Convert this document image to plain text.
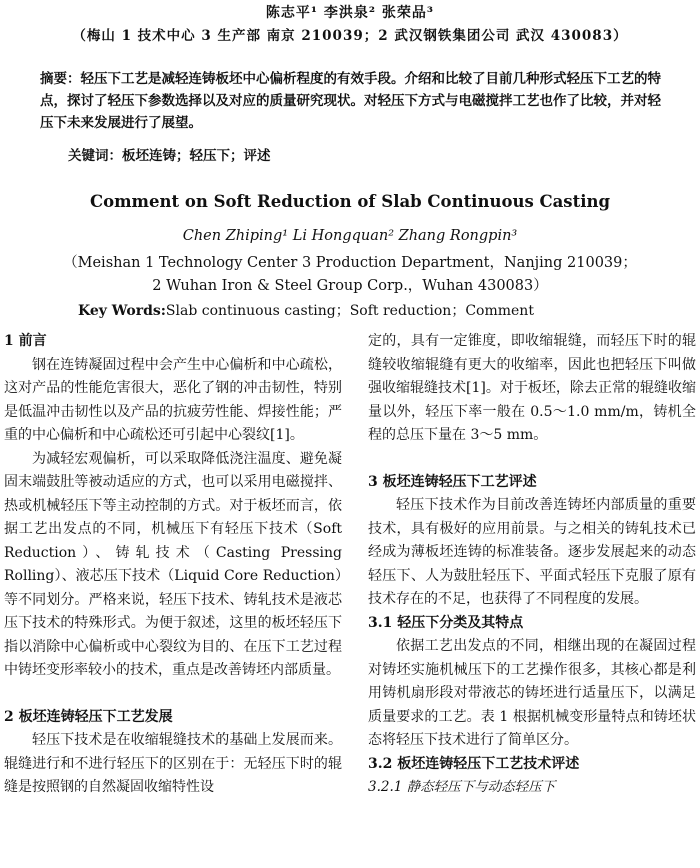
陈志平¹ 李洪泉² 张荣品³
（梅山 1 技术中心 3 生产部 南京 210039；2 武汉钢铁集团公司 武汉 430083）
摘要：轻压下工艺是减轻连铸板坯中心偏析程度的有效手段。介绍和比较了目前几种形式轻压下工艺的特点，探讨了轻压下参数选择以及对应的质量研究现状。对轻压下方式与电磁搅拌工艺也作了比较，并对轻压下未来发展进行了展望。
关键词：板坯连铸；轻压下；评述
Comment on Soft Reduction of Slab Continuous Casting
Chen Zhiping¹ Li Hongquan² Zhang Rongpin³
（Meishan 1 Technology Center 3 Production Department，Nanjing 210039；
2 Wuhan Iron & Steel Group Corp.，Wuhan 430083）
Key Words:Slab continuous casting；Soft reduction；Comment

1 前言

钢在连铸凝固过程中会产生中心偏析和中心疏松，这对产品的性能危害很大，恶化了钢的冲击韧性，特别是低温冲击韧性以及产品的抗疲劳性能、焊接性能；严重的中心偏析和中心疏松还可引起中心裂纹[1]。

为减轻宏观偏析，可以采取降低浇注温度、避免凝固末端鼓肚等被动适应的方式，也可以采用电磁搅拌、热或机械轻压下等主动控制的方式。对于板坯而言，依据工艺出发点的不同，机械压下有轻压下技术（Soft Reduction）、铸轧技术（Casting Pressing Rolling）、液芯压下技术（Liquid Core Reduction）等不同划分。严格来说，轻压下技术、铸轧技术是液芯压下技术的特殊形式。为便于叙述，这里的板坯轻压下指以消除中心偏析或中心裂纹为目的、在压下工艺过程中铸坯变形率较小的技术，重点是改善铸坯内部质量。

2 板坯连铸轻压下工艺发展

轻压下技术是在收缩辊缝技术的基础上发展而来。辊缝进行和不进行轻压下的区别在于：无轻压下时的辊缝是按照钢的自然凝固收缩特性设

定的，具有一定锥度，即收缩辊缝，而轻压下时的辊缝较收缩辊缝有更大的收缩率，因此也把轻压下叫做强收缩辊缝技术[1]。对于板坯，除去正常的辊缝收缩量以外，轻压下率一般在 0.5～1.0 mm/m，铸机全程的总压下量在 3～5 mm。

3 板坯连铸轻压下工艺评述

轻压下技术作为目前改善连铸坯内部质量的重要技术，具有极好的应用前景。与之相关的铸轧技术已经成为薄板坯连铸的标准装备。逐步发展起来的动态轻压下、人为鼓肚轻压下、平面式轻压下克服了原有技术存在的不足，也获得了不同程度的发展。

3.1 轻压下分类及其特点

依据工艺出发点的不同，相继出现的在凝固过程对铸坯实施机械压下的工艺操作很多，其核心都是利用铸机扇形段对带液芯的铸坯进行适量压下，以满足质量要求的工艺。表 1 根据机械变形量特点和铸坯状态将轻压下技术进行了简单区分。

3.2 板坯连铸轻压下工艺技术评述

3.2.1 静态轻压下与动态轻压下
